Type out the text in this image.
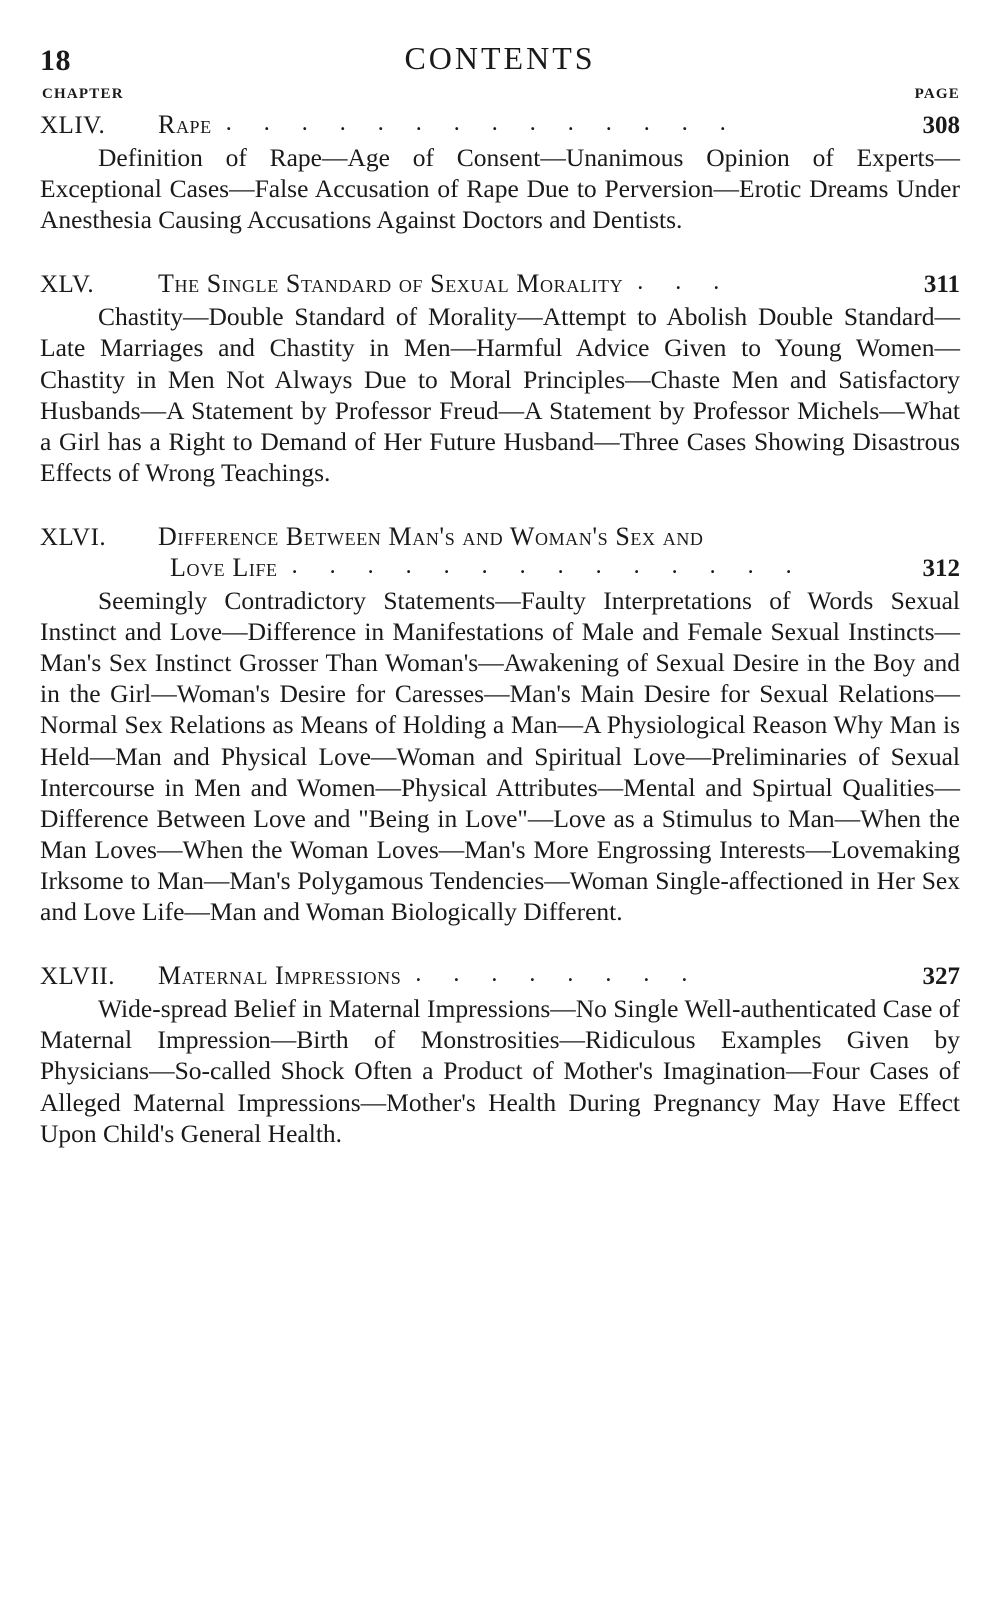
18	CONTENTS
CHAPTER	PAGE
XLIV.	Rape . . . . . . . . . . . . . .	308
Definition of Rape—Age of Consent—Unanimous Opinion of Experts—Exceptional Cases—False Accusation of Rape Due to Perversion—Erotic Dreams Under Anesthesia Causing Accusations Against Doctors and Dentists.
XLV.	The Single Standard of Sexual Morality . . .	311
Chastity—Double Standard of Morality—Attempt to Abolish Double Standard—Late Marriages and Chastity in Men—Harmful Advice Given to Young Women—Chastity in Men Not Always Due to Moral Principles—Chaste Men and Satisfactory Husbands—A Statement by Professor Freud—A Statement by Professor Michels—What a Girl has a Right to Demand of Her Future Husband—Three Cases Showing Disastrous Effects of Wrong Teachings.
XLVI.	Difference Between Man's and Woman's Sex and
Love Life . . . . . . . . . . . . . .	312
Seemingly Contradictory Statements—Faulty Interpretations of Words Sexual Instinct and Love—Difference in Manifestations of Male and Female Sexual Instincts—Man's Sex Instinct Grosser Than Woman's—Awakening of Sexual Desire in the Boy and in the Girl—Woman's Desire for Caresses—Man's Main Desire for Sexual Relations—Normal Sex Relations as Means of Holding a Man—A Physiological Reason Why Man is Held—Man and Physical Love—Woman and Spiritual Love—Preliminaries of Sexual Intercourse in Men and Women—Physical Attributes—Mental and Spirtual Qualities—Difference Between Love and "Being in Love"—Love as a Stimulus to Man—When the Man Loves—When the Woman Loves—Man's More Engrossing Interests—Lovemaking Irksome to Man—Man's Polygamous Tendencies—Woman Single-affectioned in Her Sex and Love Life—Man and Woman Biologically Different.
XLVII.	Maternal Impressions . . . . . . . .	327
Wide-spread Belief in Maternal Impressions—No Single Well-authenticated Case of Maternal Impression—Birth of Monstrosities—Ridiculous Examples Given by Physicians—So-called Shock Often a Product of Mother's Imagination—Four Cases of Alleged Maternal Impressions—Mother's Health During Pregnancy May Have Effect Upon Child's General Health.
